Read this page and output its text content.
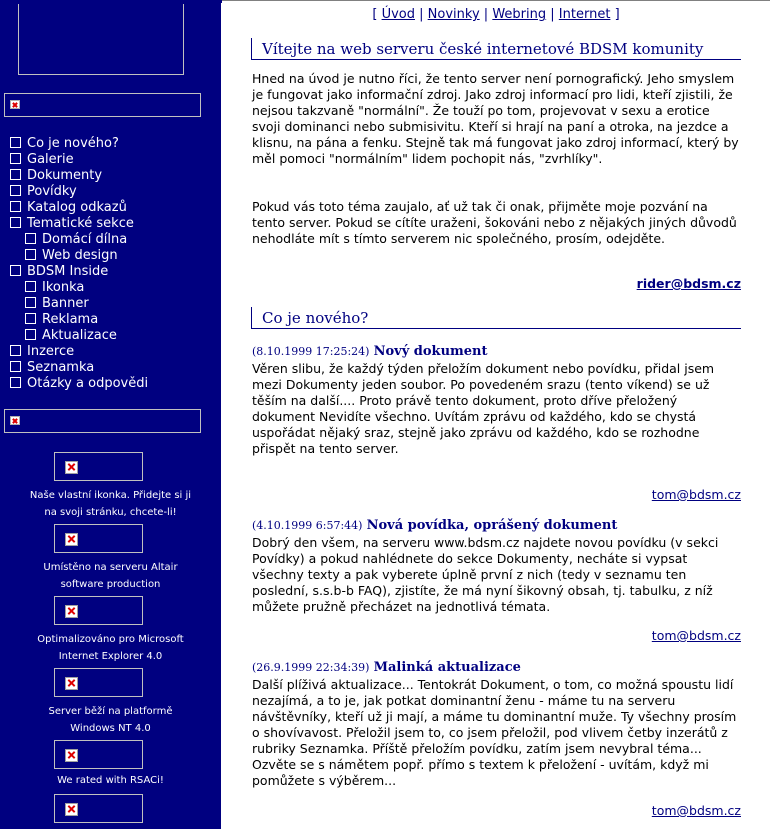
Rubriky
Co je nového?
Galerie
Dokumenty
Povídky
Katalog odkazů
Tematické sekce
Domácí dílna
Web design
BDSM Inside
Ikonka
Banner
Reklama
Aktualizace
Inzerce
Seznamka
Otázky a odpovědi
Informace
Naše vlastní ikonka. Přidejte si ji
na svoji stránku, chcete-li!
Umístěno na serveru Altair
software production
Optimalizováno pro Microsoft
Internet Explorer 4.0
Server běží na platformě
Windows NT 4.0
We rated with RSACi!
[ Úvod | Novinky | Webring | Internet ]
Vítejte na web serveru české internetové BDSM komunity

Hned na úvod je nutno říci, že tento server není pornografický. Jeho smyslem je fungovat jako informační zdroj. Jako zdroj informací pro lidi, kteří zjistili, že nejsou takzvaně "normální". Že touží po tom, projevovat v sexu a erotice svoji dominanci nebo submisivitu. Kteří si hrají na paní a otroka, na jezdce a klisnu, na pána a fenku. Stejně tak má fungovat jako zdroj informací, který by měl pomoci "normálním" lidem pochopit nás, "zvrhlíky".

Pokud vás toto téma zaujalo, ať už tak či onak, přijměte moje pozvání na tento server. Pokud se cítíte uraženi, šokováni nebo z nějakých jiných důvodů nehodláte mít s tímto serverem nic společného, prosím, odejděte.

rider@bdsm.cz
Co je nového?
(8.10.1999 17:25:24) Nový dokument

Věren slibu, že každý týden přeložím dokument nebo povídku, přidal jsem mezi Dokumenty jeden soubor. Po povedeném srazu (tento víkend) se už těším na další.... Proto právě tento dokument, proto dříve přeložený dokument Nevidíte všechno. Uvítám zprávu od každého, kdo se chystá uspořádat nějaký sraz, stejně jako zprávu od každého, kdo se rozhodne přispět na tento server.

tom@bdsm.cz
(4.10.1999 6:57:44) Nová povídka, oprášený dokument

Dobrý den všem, na serveru www.bdsm.cz najdete novou povídku (v sekci Povídky) a pokud nahlédnete do sekce Dokumenty, necháte si vypsat všechny texty a pak vyberete úplně první z nich (tedy v seznamu ten poslední, s.s.b-b FAQ), zjistíte, že má nyní šikovný obsah, tj. tabulku, z níž můžete pružně přecházet na jednotlivá témata.

tom@bdsm.cz
(26.9.1999 22:34:39) Malinká aktualizace

Další plíživá aktualizace... Tentokrát Dokument, o tom, co možná spoustu lidí nezajímá, a to je, jak potkat dominantní ženu - máme tu na serveru návštěvníky, kteří už ji mají, a máme tu dominantní muže. Ty všechny prosím o shovívavost. Přeložil jsem to, co jsem přeložil, pod vlivem četby inzerátů z rubriky Seznamka. Příště přeložím povídku, zatím jsem nevybral téma... Ozvěte se s námětem popř. přímo s textem k přeložení - uvítám, když mi pomůžete s výběrem...

tom@bdsm.cz
